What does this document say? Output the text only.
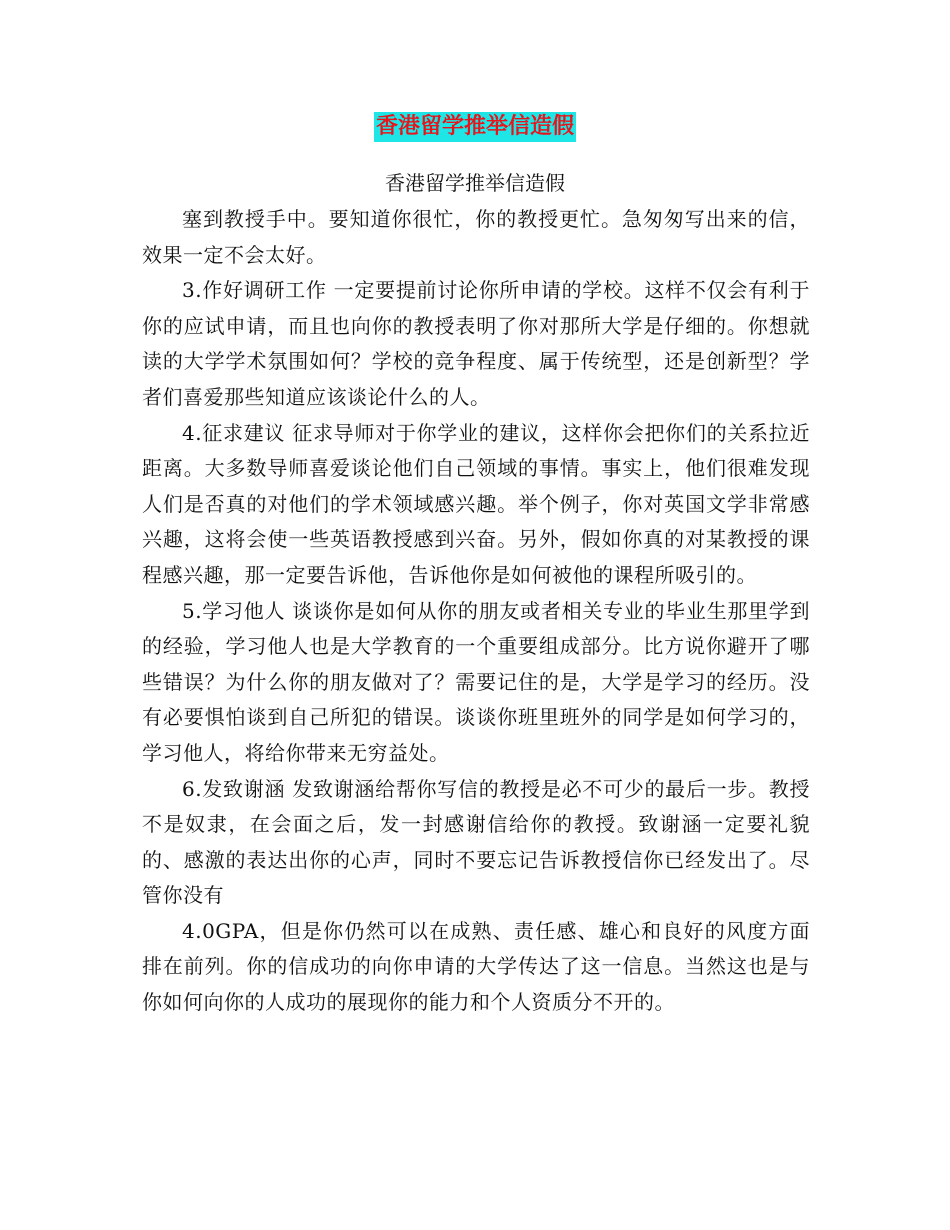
香港留学推举信造假
香港留学推举信造假

塞到教授手中。要知道你很忙，你的教授更忙。急匆匆写出来的信，效果一定不会太好。

3.作好调研工作 一定要提前讨论你所申请的学校。这样不仅会有利于你的应试申请，而且也向你的教授表明了你对那所大学是仔细的。你想就读的大学学术氛围如何？学校的竞争程度、属于传统型，还是创新型？学者们喜爱那些知道应该谈论什么的人。

4.征求建议 征求导师对于你学业的建议，这样你会把你们的关系拉近距离。大多数导师喜爱谈论他们自己领域的事情。事实上，他们很难发现人们是否真的对他们的学术领域感兴趣。举个例子，你对英国文学非常感兴趣，这将会使一些英语教授感到兴奋。另外，假如你真的对某教授的课程感兴趣，那一定要告诉他，告诉他你是如何被他的课程所吸引的。

5.学习他人 谈谈你是如何从你的朋友或者相关专业的毕业生那里学到的经验，学习他人也是大学教育的一个重要组成部分。比方说你避开了哪些错误？为什么你的朋友做对了？需要记住的是，大学是学习的经历。没有必要惧怕谈到自己所犯的错误。谈谈你班里班外的同学是如何学习的，学习他人，将给你带来无穷益处。

6.发致谢涵 发致谢涵给帮你写信的教授是必不可少的最后一步。教授不是奴隶，在会面之后，发一封感谢信给你的教授。致谢涵一定要礼貌的、感激的表达出你的心声，同时不要忘记告诉教授信你已经发出了。尽管你没有

4.0GPA，但是你仍然可以在成熟、责任感、雄心和良好的风度方面排在前列。你的信成功的向你申请的大学传达了这一信息。当然这也是与你如何向你的人成功的展现你的能力和个人资质分不开的。
